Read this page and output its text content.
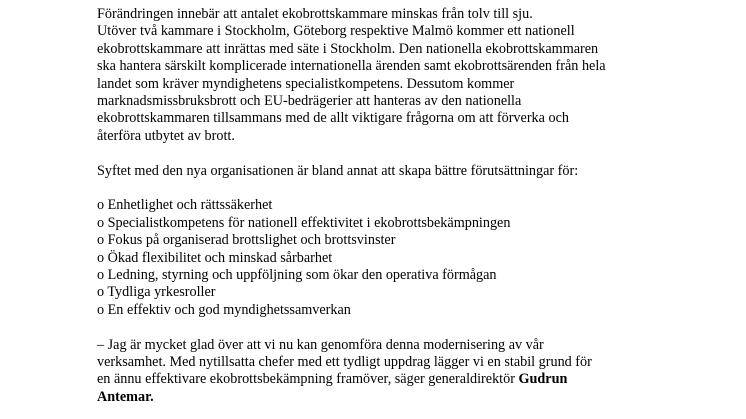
Förändringen innebär att antalet ekobrottskammare minskas från tolv till sju.
Utöver två kammare i Stockholm, Göteborg respektive Malmö kommer ett nationell
ekobrottskammare att inrättas med säte i Stockholm. Den nationella ekobrottskammaren
ska hantera särskilt komplicerade internationella ärenden samt ekobrottsärenden från hela
landet som kräver myndighetens specialistkompetens. Dessutom kommer
marknadsmissbruksbrott och EU-bedrägerier att hanteras av den nationella
ekobrottskammaren tillsammans med de allt viktigare frågorna om att förverka och
återföra utbytet av brott.
Syftet med den nya organisationen är bland annat att skapa bättre förutsättningar för:
o Enhetlighet och rättssäkerhet
o Specialistkompetens för nationell effektivitet i ekobrottsbekämpningen
o Fokus på organiserad brottslighet och brottsvinster
o Ökad flexibilitet och minskad sårbarhet
o Ledning, styrning och uppföljning som ökar den operativa förmågan
o Tydliga yrkesroller
o En effektiv och god myndighetssamverkan
– Jag är mycket glad över att vi nu kan genomföra denna modernisering av vår
verksamhet. Med nytillsatta chefer med ett tydligt uppdrag lägger vi en stabil grund för
en ännu effektivare ekobrottsbekämpning framöver, säger generaldirektör Gudrun
Antemar.
